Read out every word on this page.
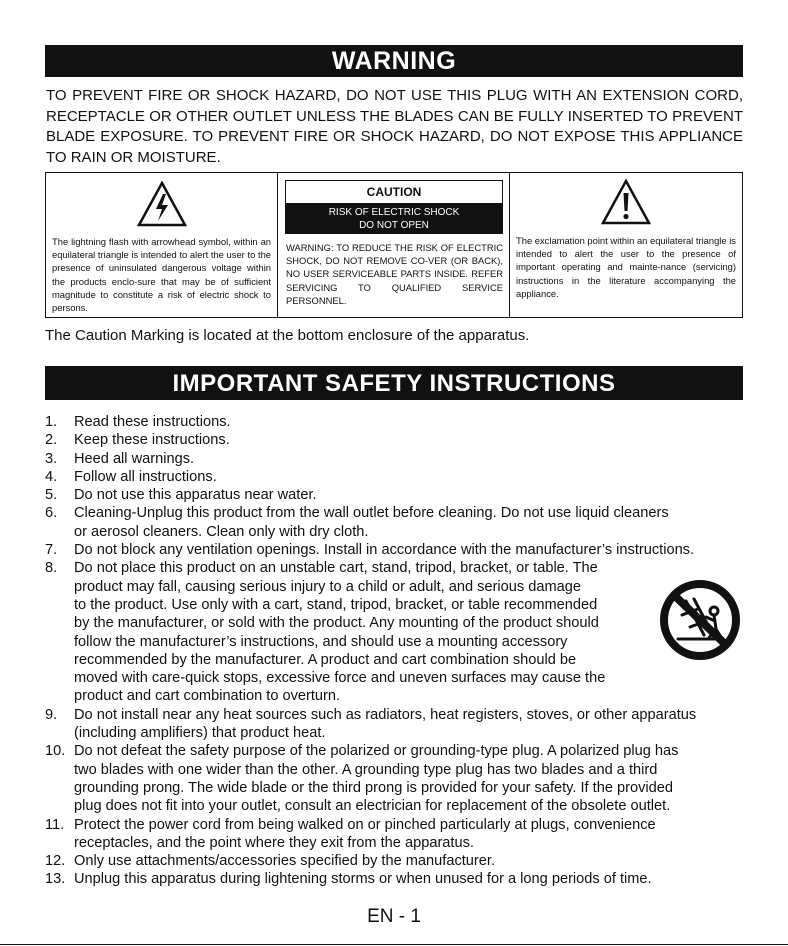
WARNING
TO PREVENT FIRE OR SHOCK HAZARD, DO NOT USE THIS PLUG WITH AN EXTENSION CORD, RECEPTACLE OR OTHER OUTLET UNLESS THE BLADES CAN BE FULLY INSERTED TO PREVENT BLADE EXPOSURE. TO PREVENT FIRE OR SHOCK HAZARD, DO NOT EXPOSE THIS APPLIANCE TO RAIN OR MOISTURE.
The lightning flash with arrowhead symbol, within an equilateral triangle is intended to alert the user to the presence of uninsulated dangerous voltage within the products enclo-sure that may be of sufficient magnitude to constitute a risk of electric shock to persons.
CAUTION
RISK OF ELECTRIC SHOCK
DO NOT OPEN
WARNING: TO REDUCE THE RISK OF ELECTRIC SHOCK, DO NOT REMOVE CO-VER (OR BACK), NO USER SERVICEABLE PARTS INSIDE. REFER SERVICING TO QUALIFIED SERVICE PERSONNEL.
The exclamation point within an equilateral triangle is intended to alert the user to the presence of important operating and mainte-nance (servicing) instructions in the literature accompanying the appliance.
The Caution Marking is located at the bottom enclosure of the apparatus.
IMPORTANT SAFETY INSTRUCTIONS
1.	Read these instructions.
2.	Keep these instructions.
3.	Heed all warnings.
4.	Follow all instructions.
5.	Do not use this apparatus near water.
6.	Cleaning-Unplug this product from the wall outlet before cleaning. Do not use liquid cleaners
or aerosol cleaners. Clean only with dry cloth.
7.	Do not block any ventilation openings. Install in accordance with the manufacturer’s instructions.
8.	Do not place this product on an unstable cart, stand, tripod, bracket, or table. The
product may fall, causing serious injury to a child or adult, and serious damage
to the product. Use only with a cart, stand, tripod, bracket, or table recommended
by the manufacturer, or sold with the product. Any mounting of the product should
follow the manufacturer’s instructions, and should use a mounting accessory
recommended by the manufacturer. A product and cart combination should be
moved with care-quick stops, excessive force and uneven surfaces may cause the
product and cart combination to overturn.
9.	Do not install near any heat sources such as radiators, heat registers, stoves, or other apparatus
(including amplifiers) that product heat.
10. Do not defeat the safety purpose of the polarized or grounding-type plug. A polarized plug has
two blades with one wider than the other. A grounding type plug has two blades and a third
grounding prong. The wide blade or the third prong is provided for your safety. If the provided
plug does not fit into your outlet, consult an electrician for replacement of the obsolete outlet.
11. Protect the power cord from being walked on or pinched particularly at plugs, convenience
receptacles, and the point where they exit from the apparatus.
12. Only use attachments/accessories specified by the manufacturer.
13. Unplug this apparatus during lightening storms or when unused for a long periods of time.
EN - 1
